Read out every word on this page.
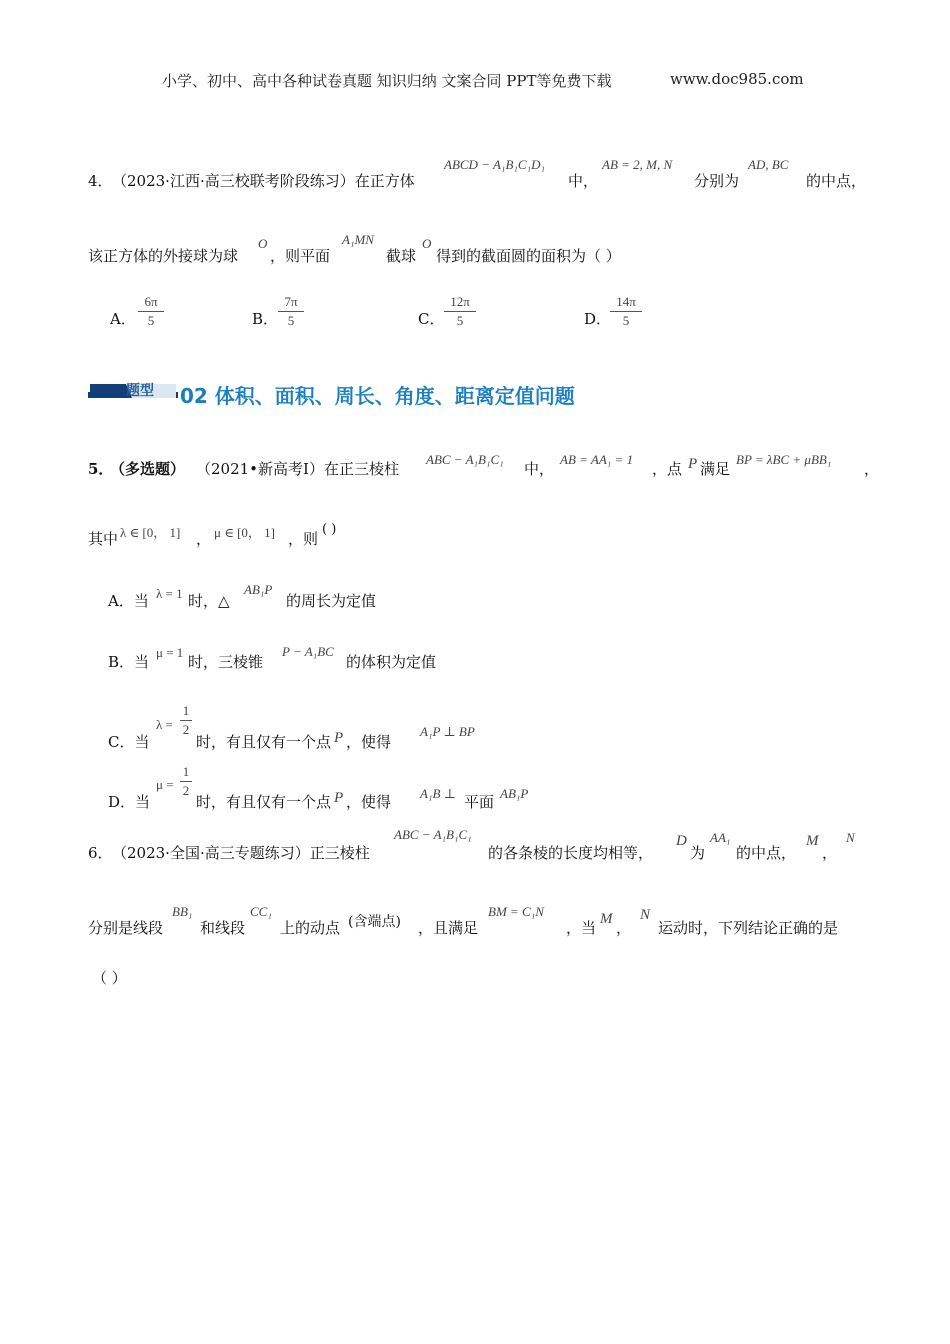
小学、初中、高中各种试卷真题 知识归纳 文案合同 PPT等免费下载	www.doc985.com
4． （2023·江西·高三校联考阶段练习）在正方体
ABCD − A₁B₁C₁D₁
中，
AB = 2, M, N
分别为
AD, BC
的中点，
该正方体的外接球为球
O
，则平面
A₁MN
截球
O
得到的截面圆的面积为（ ）
A．
6π
5	B．
7π
5	C．
12π
5	D．
14π
5
题型 02 体积、面积、周长、角度、距离定值问题
5．
（多选题） （2021•新高考Ⅰ）在正三棱柱
ABC − A₁B₁C₁
中，
AB = AA₁ = 1
，点 P 满足
BP = λBC + μBB₁
，
其中 λ ∈ [0， 1] ， μ ∈ [0， 1] ，则
( )
A．当 λ = 1 时，△
AB₁P
的周长为定值
B．当
μ = 1
时，三棱锥
P − A₁BC
的体积为定值
C．当
λ =
1
2
时，有且仅有一个点 P ，使得
A₁P ⊥ BP
D．当
μ =
1
2
时，有且仅有一个点 P ，使得 A₁B ⊥ 平面 AB₁P
6． （2023·全国·高三专题练习）正三棱柱
ABC − A₁B₁C₁
的各条棱的长度均相等，
D
为
AA₁
的中点，
M
，
N
分别是线段
BB₁
和线段
CC₁
上的动点 (含端点) ，且满足
BM = C₁N
，当 M ，
N
运动时，下列结论正确的是
（ ）
